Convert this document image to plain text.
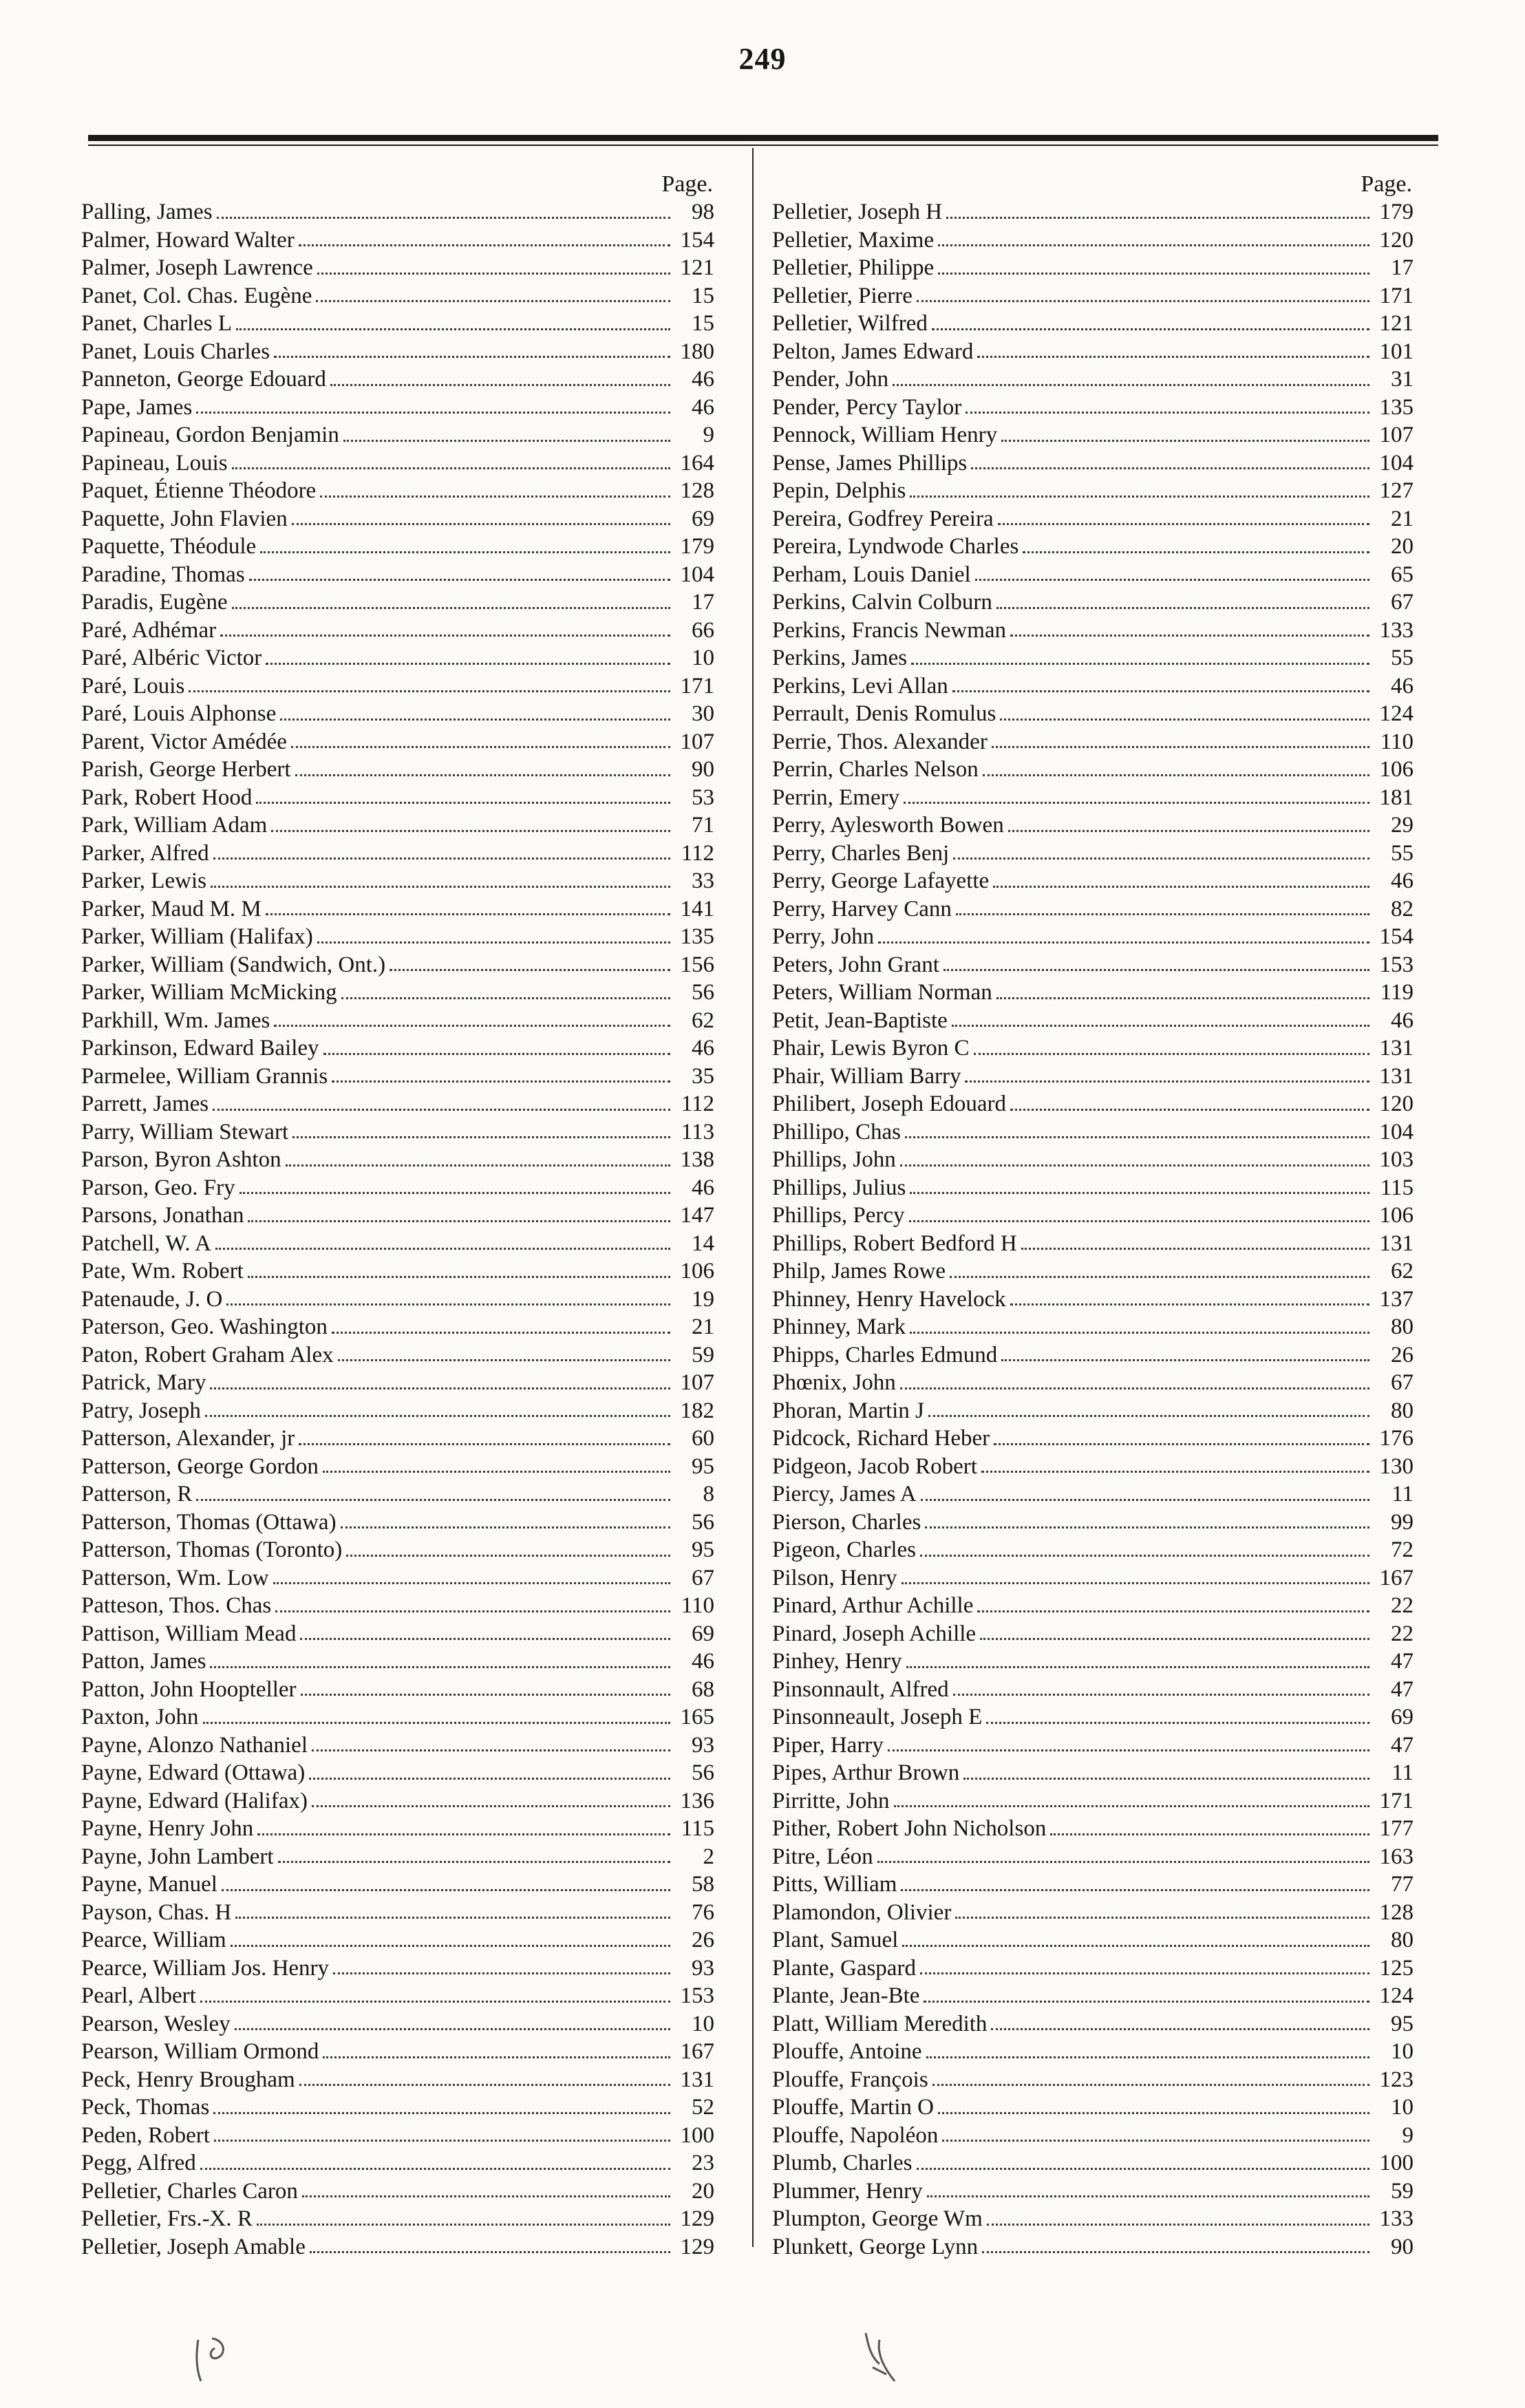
249
Page.
Palling, James	98
Palmer, Howard Walter	154
Palmer, Joseph Lawrence	121
Panet, Col. Chas. Eugène	15
Panet, Charles L	15
Panet, Louis Charles	180
Panneton, George Edouard	46
Pape, James	46
Papineau, Gordon Benjamin	9
Papineau, Louis	164
Paquet, Étienne Théodore	128
Paquette, John Flavien	69
Paquette, Théodule	179
Paradine, Thomas	104
Paradis, Eugène	17
Paré, Adhémar	66
Paré, Albéric Victor	10
Paré, Louis	171
Paré, Louis Alphonse	30
Parent, Victor Amédée	107
Parish, George Herbert	90
Park, Robert Hood	53
Park, William Adam	71
Parker, Alfred	112
Parker, Lewis	33
Parker, Maud M. M	141
Parker, William (Halifax)	135
Parker, William (Sandwich, Ont.)	156
Parker, William McMicking	56
Parkhill, Wm. James	62
Parkinson, Edward Bailey	46
Parmelee, William Grannis	35
Parrett, James	112
Parry, William Stewart	113
Parson, Byron Ashton	138
Parson, Geo. Fry	46
Parsons, Jonathan	147
Patchell, W. A	14
Pate, Wm. Robert	106
Patenaude, J. O	19
Paterson, Geo. Washington	21
Paton, Robert Graham Alex	59
Patrick, Mary	107
Patry, Joseph	182
Patterson, Alexander, jr	60
Patterson, George Gordon	95
Patterson, R	8
Patterson, Thomas (Ottawa)	56
Patterson, Thomas (Toronto)	95
Patterson, Wm. Low	67
Patteson, Thos. Chas	110
Pattison, William Mead	69
Patton, James	46
Patton, John Hoopteller	68
Paxton, John	165
Payne, Alonzo Nathaniel	93
Payne, Edward (Ottawa)	56
Payne, Edward (Halifax)	136
Payne, Henry John	115
Payne, John Lambert	2
Payne, Manuel	58
Payson, Chas. H	76
Pearce, William	26
Pearce, William Jos. Henry	93
Pearl, Albert	153
Pearson, Wesley	10
Pearson, William Ormond	167
Peck, Henry Brougham	131
Peck, Thomas	52
Peden, Robert	100
Pegg, Alfred	23
Pelletier, Charles Caron	20
Pelletier, Frs.-X. R	129
Pelletier, Joseph Amable	129
Page.
Pelletier, Joseph H	179
Pelletier, Maxime	120
Pelletier, Philippe	17
Pelletier, Pierre	171
Pelletier, Wilfred	121
Pelton, James Edward	101
Pender, John	31
Pender, Percy Taylor	135
Pennock, William Henry	107
Pense, James Phillips	104
Pepin, Delphis	127
Pereira, Godfrey Pereira	21
Pereira, Lyndwode Charles	20
Perham, Louis Daniel	65
Perkins, Calvin Colburn	67
Perkins, Francis Newman	133
Perkins, James	55
Perkins, Levi Allan	46
Perrault, Denis Romulus	124
Perrie, Thos. Alexander	110
Perrin, Charles Nelson	106
Perrin, Emery	181
Perry, Aylesworth Bowen	29
Perry, Charles Benj	55
Perry, George Lafayette	46
Perry, Harvey Cann	82
Perry, John	154
Peters, John Grant	153
Peters, William Norman	119
Petit, Jean-Baptiste	46
Phair, Lewis Byron C	131
Phair, William Barry	131
Philibert, Joseph Edouard	120
Phillipo, Chas	104
Phillips, John	103
Phillips, Julius	115
Phillips, Percy	106
Phillips, Robert Bedford H	131
Philp, James Rowe	62
Phinney, Henry Havelock	137
Phinney, Mark	80
Phipps, Charles Edmund	26
Phœnix, John	67
Phoran, Martin J	80
Pidcock, Richard Heber	176
Pidgeon, Jacob Robert	130
Piercy, James A	11
Pierson, Charles	99
Pigeon, Charles	72
Pilson, Henry	167
Pinard, Arthur Achille	22
Pinard, Joseph Achille	22
Pinhey, Henry	47
Pinsonnault, Alfred	47
Pinsonneault, Joseph E	69
Piper, Harry	47
Pipes, Arthur Brown	11
Pirritte, John	171
Pither, Robert John Nicholson	177
Pitre, Léon	163
Pitts, William	77
Plamondon, Olivier	128
Plant, Samuel	80
Plante, Gaspard	125
Plante, Jean-Bte	124
Platt, William Meredith	95
Plouffe, Antoine	10
Plouffe, François	123
Plouffe, Martin O	10
Plouffe, Napoléon	9
Plumb, Charles	100
Plummer, Henry	59
Plumpton, George Wm	133
Plunkett, George Lynn	90
